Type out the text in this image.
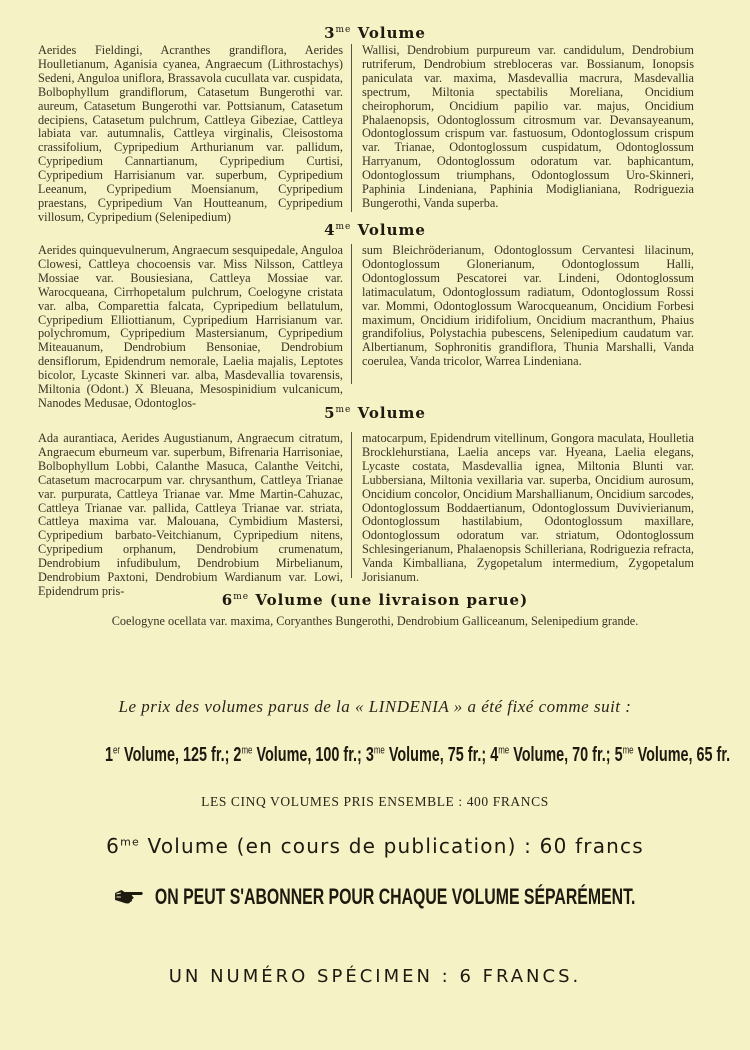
$3^{me}$ Volume
Aerides Fieldingi, Acranthes grandiflora, Aerides Houlletianum, Aganisia cyanea, Angraecum (Lithrostachys) Sedeni, Anguloa uniflora, Brassavola cucullata var. cuspidata, Bolbophyllum grandiflorum, Catasetum Bungerothi var. aureum, Catasetum Bungerothi var. Pottsianum, Catasetum decipiens, Catasetum pulchrum, Cattleya Gibeziae, Cattleya labiata var. autumnalis, Cattleya virginalis, Cleisostoma crassifolium, Cypripedium Arthurianum var. pallidum, Cypripedium Cannartianum, Cypripedium Curtisi, Cypripedium Harrisianum var. superbum, Cypripedium Leeanum, Cypripedium Moensianum, Cypripedium praestans, Cypripedium Van Houtteanum, Cypripedium villosum, Cypripedium (Selenipedium)
Wallisi, Dendrobium purpureum var. candidulum, Dendrobium rutriferum, Dendrobium strebloceras var. Bossianum, Ionopsis paniculata var. maxima, Masdevallia macrura, Masdevallia spectrum, Miltonia spectabilis Moreliana, Oncidium cheirophorum, Oncidium papilio var. majus, Oncidium Phalaenopsis, Odontoglossum citrosmum var. Devansayeanum, Odontoglossum crispum var. fastuosum, Odontoglossum crispum var. Trianae, Odontoglossum cuspidatum, Odontoglossum Harryanum, Odontoglossum odoratum var. baphicantum, Odontoglossum triumphans, Odontoglossum Uro-Skinneri, Paphinia Lindeniana, Paphinia Modiglianiana, Rodriguezia Bungerothi, Vanda superba.
$4^{me}$ Volume
Aerides quinquevulnerum, Angraecum sesquipedale, Anguloa Clowesi, Cattleya chocoensis var. Miss Nilsson, Cattleya Mossiae var. Bousiesiana, Cattleya Mossiae var. Warocqueana, Cirrhopetalum pulchrum, Coelogyne cristata var. alba, Comparettia falcata, Cypripedium bellatulum, Cypripedium Elliottianum, Cypripedium Harrisianum var. polychromum, Cypripedium Mastersianum, Cypripedium Miteauanum, Dendrobium Bensoniae, Dendrobium densiflorum, Epidendrum nemorale, Laelia majalis, Leptotes bicolor, Lycaste Skinneri var. alba, Masdevallia tovarensis, Miltonia (Odont.) X Bleuana, Mesospinidium vulcanicum, Nanodes Medusae, Odontoglos-
sum Bleichröderianum, Odontoglossum Cervantesi lilacinum, Odontoglossum Glonerianum, Odontoglossum Halli, Odontoglossum Pescatorei var. Lindeni, Odontoglossum latimaculatum, Odontoglossum radiatum, Odontoglossum Rossi var. Mommi, Odontoglossum Warocqueanum, Oncidium Forbesi maximum, Oncidium iridifolium, Oncidium macranthum, Phaius grandifolius, Polystachia pubescens, Selenipedium caudatum var. Albertianum, Sophronitis grandiflora, Thunia Marshalli, Vanda coerulea, Vanda tricolor, Warrea Lindeniana.
$5^{me}$ Volume
Ada aurantiaca, Aerides Augustianum, Angraecum citratum, Angraecum eburneum var. superbum, Bifrenaria Harrisoniae, Bolbophyllum Lobbi, Calanthe Masuca, Calanthe Veitchi, Catasetum macrocarpum var. chrysanthum, Cattleya Trianae var. purpurata, Cattleya Trianae var. Mme Martin-Cahuzac, Cattleya Trianae var. pallida, Cattleya Trianae var. striata, Cattleya maxima var. Malouana, Cymbidium Mastersi, Cypripedium barbato-Veitchianum, Cypripedium nitens, Cypripedium orphanum, Dendrobium crumenatum, Dendrobium infudibulum, Dendrobium Mirbelianum, Dendrobium Paxtoni, Dendrobium Wardianum var. Lowi, Epidendrum pris-
matocarpum, Epidendrum vitellinum, Gongora maculata, Houlletia Brocklehurstiana, Laelia anceps var. Hyeana, Laelia elegans, Lycaste costata, Masdevallia ignea, Miltonia Blunti var. Lubbersiana, Miltonia vexillaria var. superba, Oncidium aurosum, Oncidium concolor, Oncidium Marshallianum, Oncidium sarcodes, Odontoglossum Boddaertianum, Odontoglossum Duvivierianum, Odontoglossum hastilabium, Odontoglossum maxillare, Odontoglossum odoratum var. striatum, Odontoglossum Schlesingerianum, Phalaenopsis Schilleriana, Rodriguezia refracta, Vanda Kimballiana, Zygopetalum intermedium, Zygopetalum Jorisianum.
$6^{me}$ Volume (une livraison parue)
Coelogyne ocellata var. maxima, Coryanthes Bungerothi, Dendrobium Galliceanum, Selenipedium grande.
Le prix des volumes parus de la « LINDENIA » a été fixé comme suit :
1er Volume, 125 fr.; $2^{me}$ Volume, 100 fr.; $3^{me}$ Volume, 75 fr.; $4^{me}$ Volume, 70 fr.; $5^{me}$ Volume, 65 fr.
LES CINQ VOLUMES PRIS ENSEMBLE : 400 FRANCS
$6^{me}$ Volume (en cours de publication) : 60 francs
ON PEUT S'ABONNER POUR CHAQUE VOLUME SÉPARÉMENT.
UN NUMÉRO SPÉCIMEN : 6 FRANCS.
